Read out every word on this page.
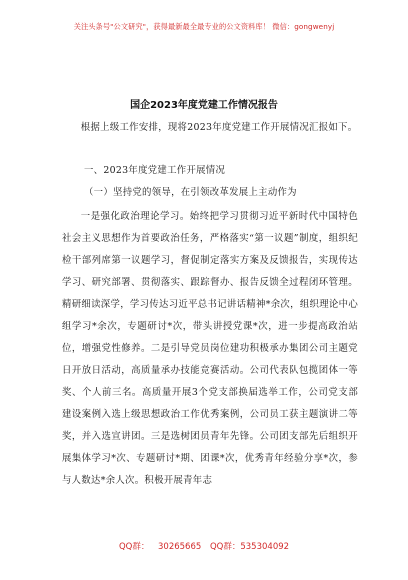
关注头条号"公文研究"，获得最新最全最专业的公文资料库！ 微信：gongwenyj
国企2023年度党建工作情况报告
根据上级工作安排，现将2023年度党建工作开展情况汇报如下。
一、2023年度党建工作开展情况
（一）坚持党的领导，在引领改革发展上主动作为
一是强化政治理论学习。始终把学习贯彻习近平新时代中国特色社会主义思想作为首要政治任务，严格落实“第一议题”制度，组织纪检干部列席第一议题学习，督促制定落实方案及反馈报告，实现传达学习、研究部署、贯彻落实、跟踪督办、报告反馈全过程闭环管理。精研细读深学，学习传达习近平总书记讲话精神*余次，组织理论中心组学习*余次，专题研讨*次，带头讲授党课*次，进一步提高政治站位，增强党性修养。二是引导党员岗位建功积极承办集团公司主题党日开放日活动，高质量承办技能竞赛活动。公司代表队包揽团体一等奖、个人前三名。高质量开展3个党支部换届选举工作，公司党支部建设案例入选上级思想政治工作优秀案例，公司员工获主题演讲二等奖，并入选宣讲团。三是选树团员青年先锋。公司团支部先后组织开展集体学习*次、专题研讨*期、团课*次，优秀青年经验分享*次，参与人数达*余人次。积极开展青年志
QQ群： 30265665 QQ群：535304092
